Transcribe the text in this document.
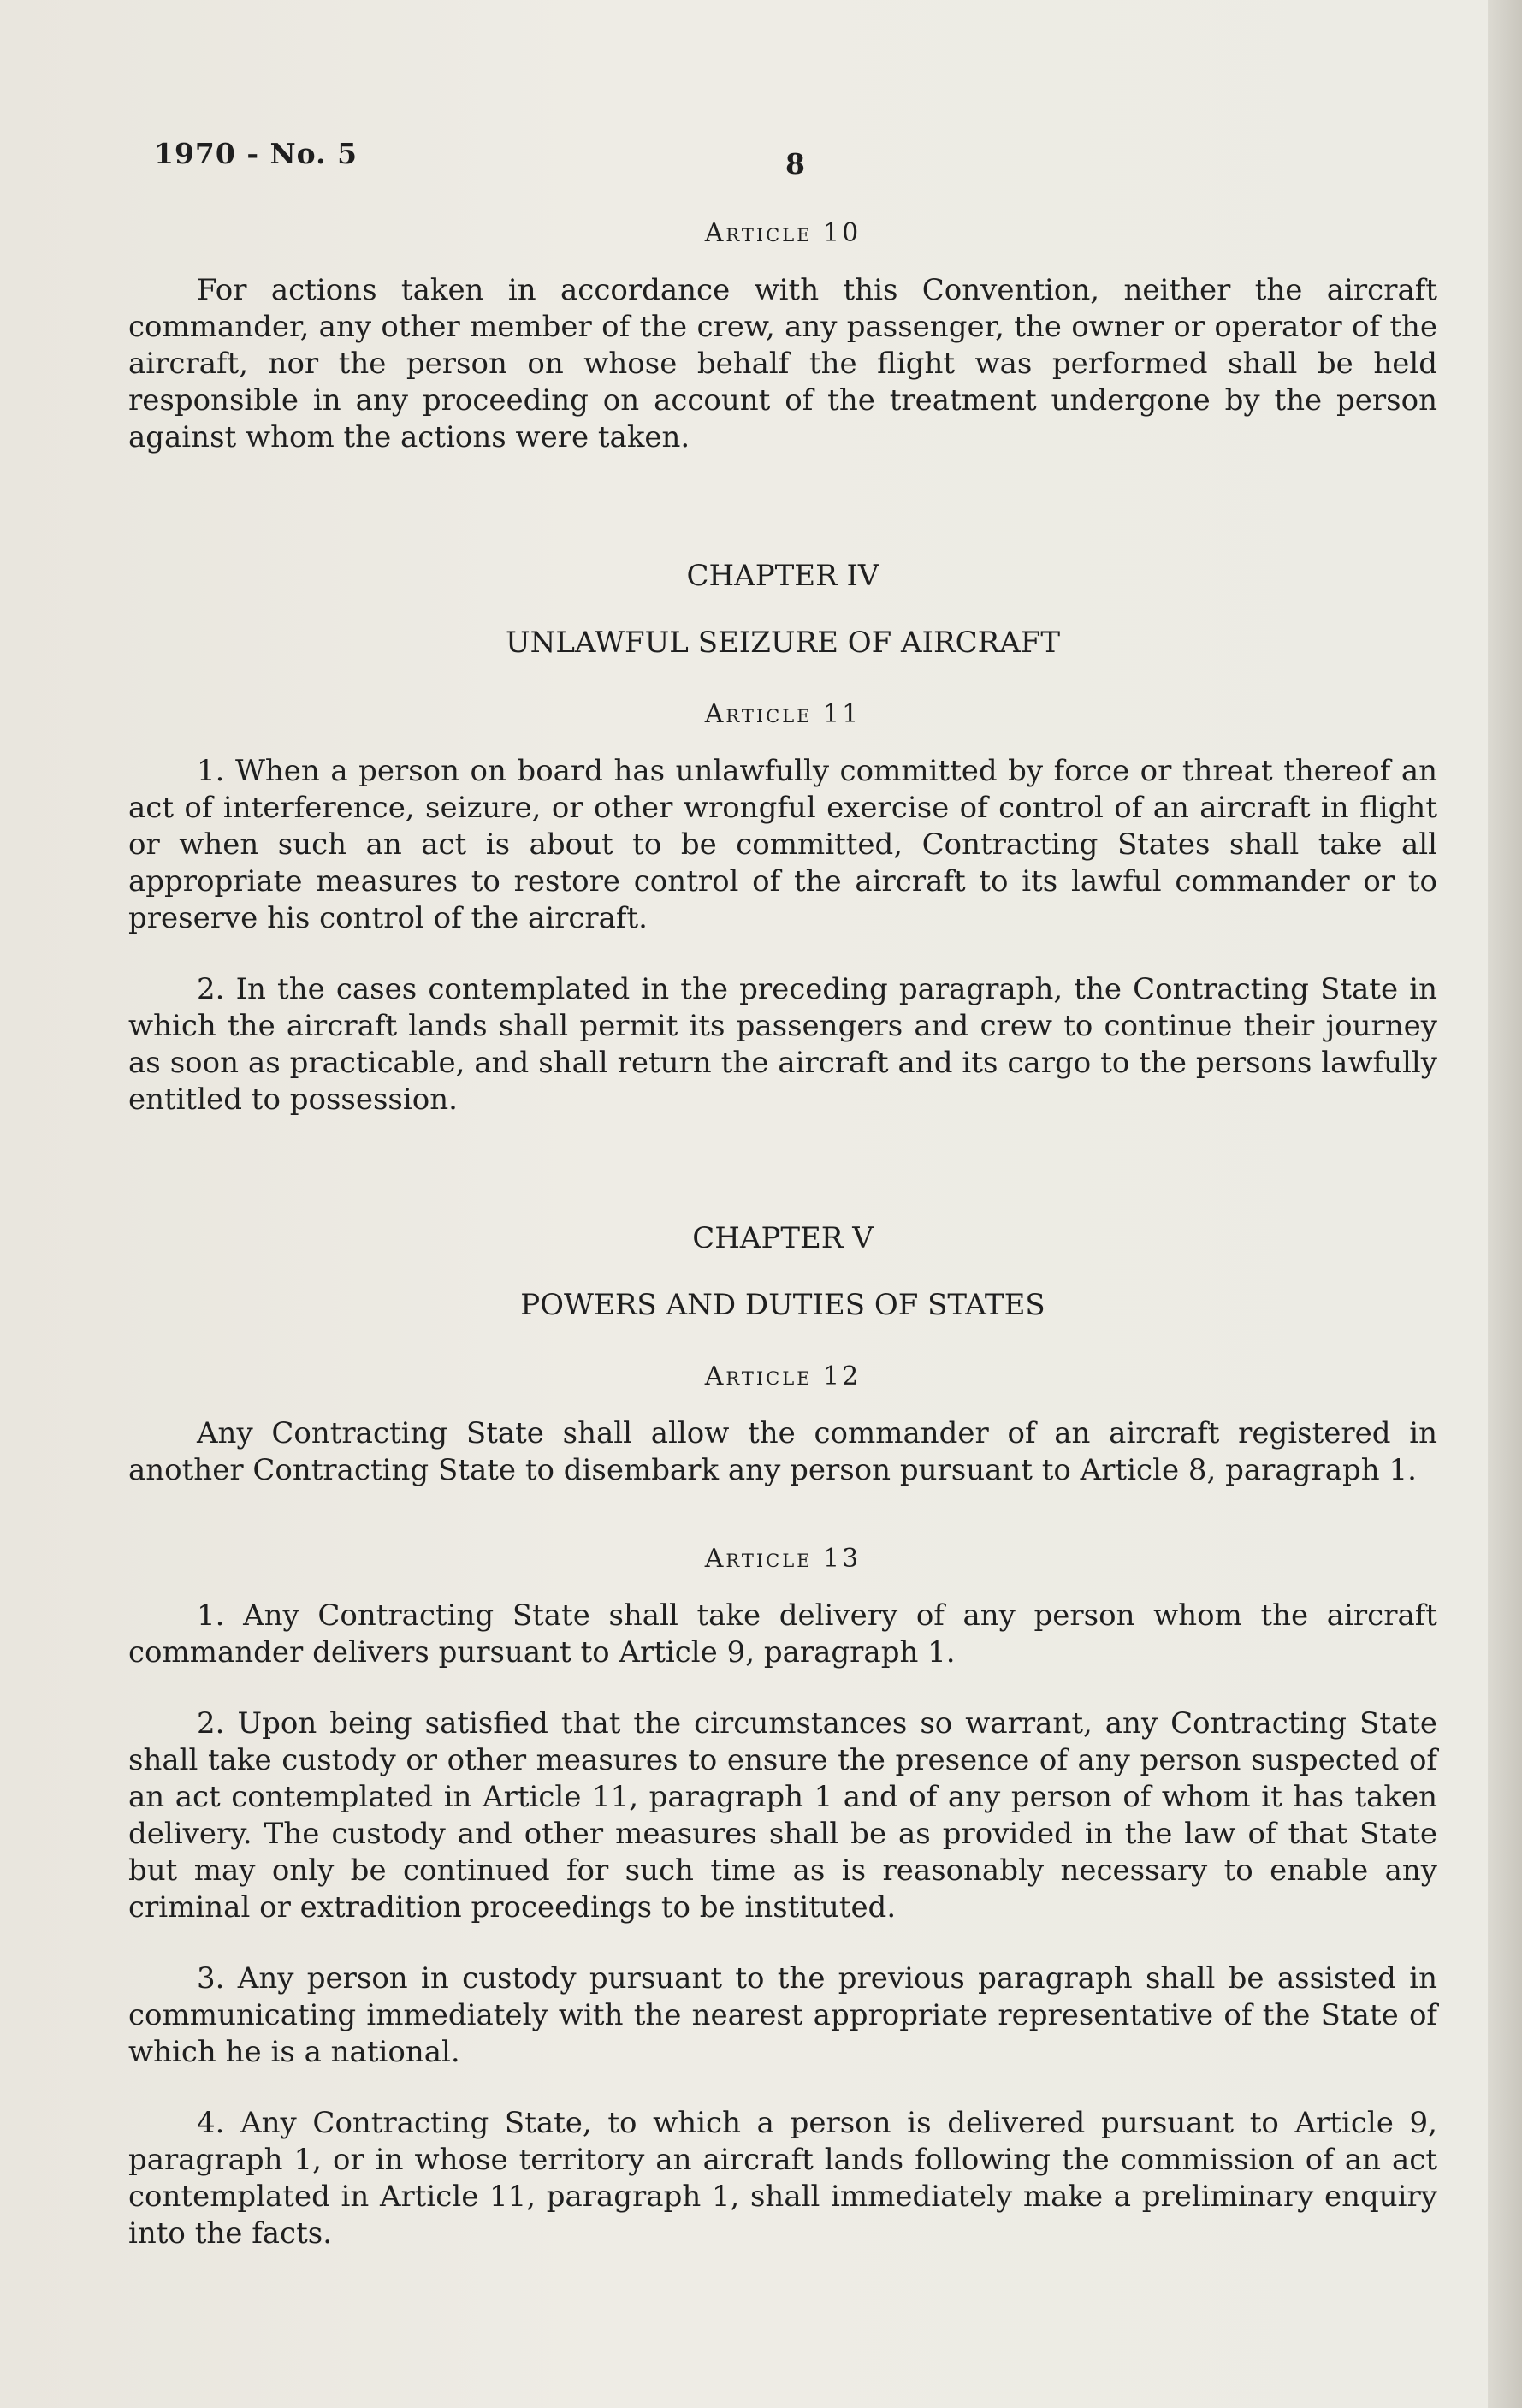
1970 - No. 5	8
Article 10

For actions taken in accordance with this Convention, neither the aircraft commander, any other member of the crew, any passenger, the owner or operator of the aircraft, nor the person on whose behalf the flight was performed shall be held responsible in any proceeding on account of the treatment undergone by the person against whom the actions were taken.

CHAPTER IV
UNLAWFUL SEIZURE OF AIRCRAFT
Article 11

1. When a person on board has unlawfully committed by force or threat thereof an act of interference, seizure, or other wrongful exercise of control of an aircraft in flight or when such an act is about to be committed, Contracting States shall take all appropriate measures to restore control of the aircraft to its lawful commander or to preserve his control of the aircraft.

2. In the cases contemplated in the preceding paragraph, the Contracting State in which the aircraft lands shall permit its passengers and crew to continue their journey as soon as practicable, and shall return the aircraft and its cargo to the persons lawfully entitled to possession.

CHAPTER V
POWERS AND DUTIES OF STATES
Article 12

Any Contracting State shall allow the commander of an aircraft registered in another Contracting State to disembark any person pursuant to Article 8, paragraph 1.

Article 13

1. Any Contracting State shall take delivery of any person whom the aircraft commander delivers pursuant to Article 9, paragraph 1.

2. Upon being satisfied that the circumstances so warrant, any Contracting State shall take custody or other measures to ensure the presence of any person suspected of an act contemplated in Article 11, paragraph 1 and of any person of whom it has taken delivery. The custody and other measures shall be as provided in the law of that State but may only be continued for such time as is reasonably necessary to enable any criminal or extradition proceedings to be instituted.

3. Any person in custody pursuant to the previous paragraph shall be assisted in communicating immediately with the nearest appropriate representative of the State of which he is a national.

4. Any Contracting State, to which a person is delivered pursuant to Article 9, paragraph 1, or in whose territory an aircraft lands following the commission of an act contemplated in Article 11, paragraph 1, shall immediately make a preliminary enquiry into the facts.
